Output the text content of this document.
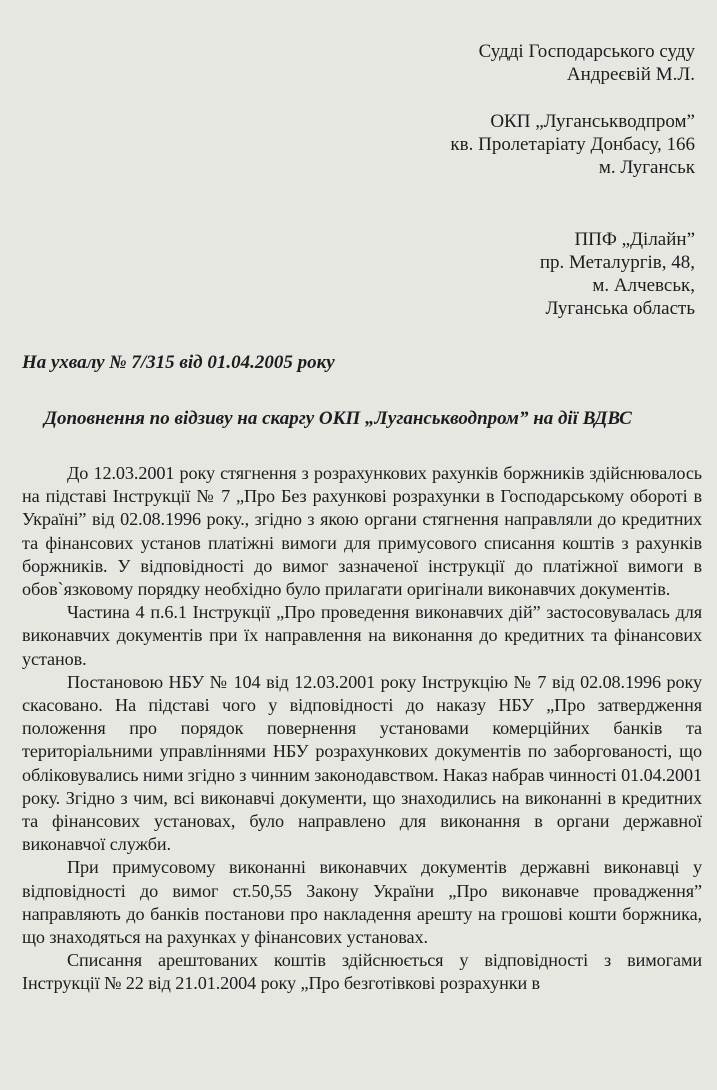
Судді Господарського суду
Андреєвій М.Л.
ОКП „Луганськводпром”
кв. Пролетаріату Донбасу, 166
м. Луганськ
ППФ „Ділайн”
пр. Металургів, 48,
м. Алчевськ,
Луганська область
На ухвалу № 7/315 від 01.04.2005 року
Доповнення по відзиву на скаргу ОКП „Луганськводпром” на дії ВДВС

До 12.03.2001 року стягнення з розрахункових рахунків боржників здійснювалось на підставі Інструкції № 7 „Про Без рахункові розрахунки в Господарському обороті в Україні” від 02.08.1996 року., згідно з якою органи стягнення направляли до кредитних та фінансових установ платіжні вимоги для примусового списання коштів з рахунків боржників. У відповідності до вимог зазначеної інструкції до платіжної вимоги в обов`язковому порядку необхідно було прилагати оригінали виконавчих документів.

Частина 4 п.6.1 Інструкції „Про проведення виконавчих дій” застосовувалась для виконавчих документів при їх направлення на виконання до кредитних та фінансових установ.

Постановою НБУ № 104 від 12.03.2001 року Інструкцію № 7 від 02.08.1996 року скасовано. На підставі чого у відповідності до наказу НБУ „Про затвердження положення про порядок повернення установами комерційних банків та територіальними управліннями НБУ розрахункових документів по заборгованості, що обліковувались ними згідно з чинним законодавством. Наказ набрав чинності 01.04.2001 року. Згідно з чим, всі виконавчі документи, що знаходились на виконанні в кредитних та фінансових установах, було направлено для виконання в органи державної виконавчої служби.

При примусовому виконанні виконавчих документів державні виконавці у відповідності до вимог ст.50,55 Закону України „Про виконавче провадження” направляють до банків постанови про накладення арешту на грошові кошти боржника, що знаходяться на рахунках у фінансових установах.

Списання арештованих коштів здійснюється у відповідності з вимогами Інструкції № 22 від 21.01.2004 року „Про безготівкові розрахунки в
